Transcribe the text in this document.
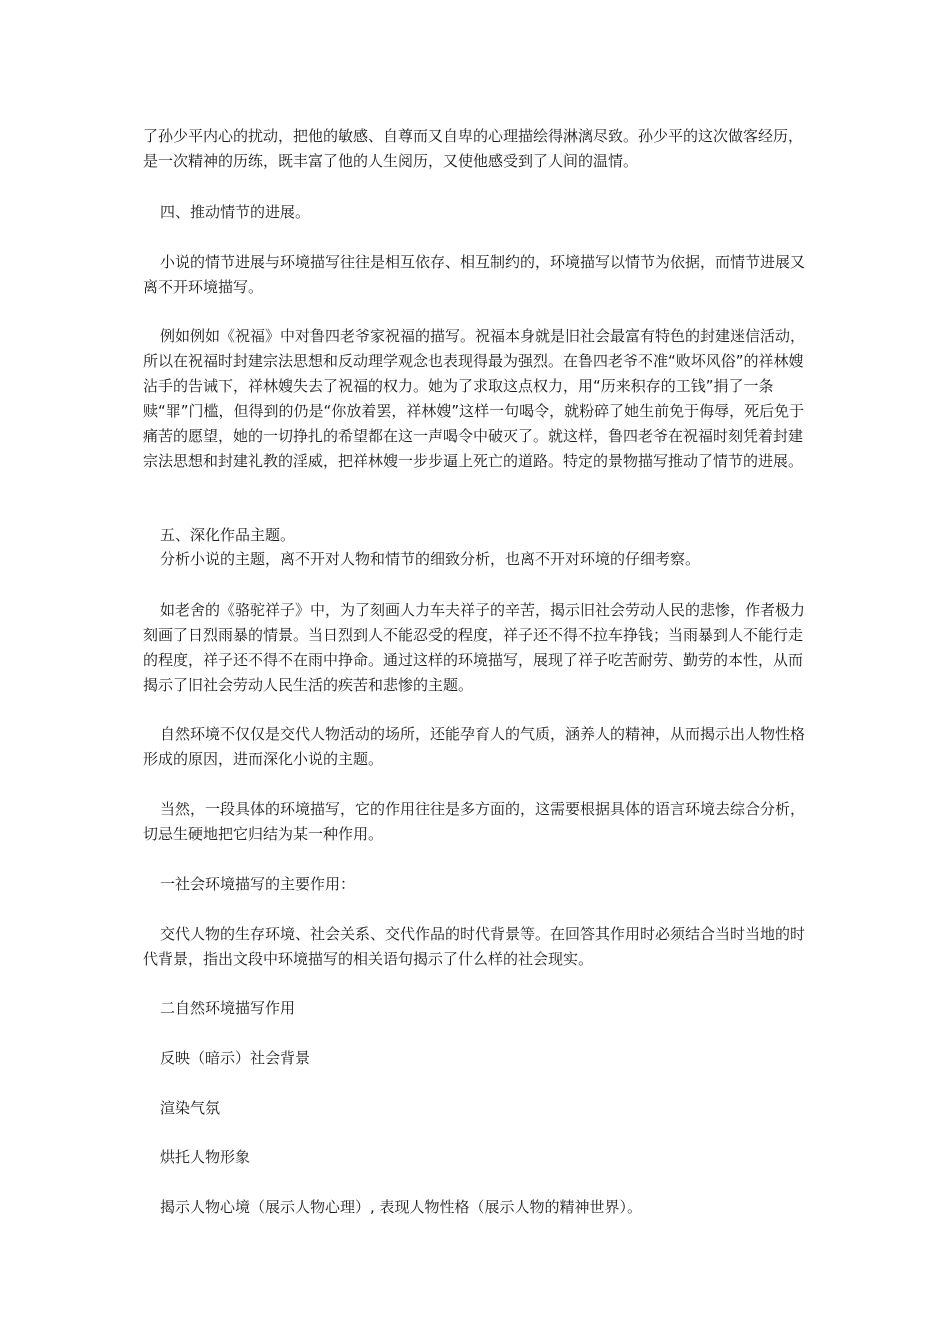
了孙少平内心的扰动，把他的敏感、自尊而又自卑的心理描绘得淋漓尽致。孙少平的这次做客经历，是一次精神的历练，既丰富了他的人生阅历，又使他感受到了人间的温情。

四、推动情节的进展。

小说的情节进展与环境描写往往是相互依存、相互制约的，环境描写以情节为依据，而情节进展又离不开环境描写。

例如例如《祝福》中对鲁四老爷家祝福的描写。祝福本身就是旧社会最富有特色的封建迷信活动，所以在祝福时封建宗法思想和反动理学观念也表现得最为强烈。在鲁四老爷不准“败坏风俗”的祥林嫂沾手的告诫下，祥林嫂失去了祝福的权力。她为了求取这点权力，用“历来积存的工钱”捐了一条赎“罪”门槛，但得到的仍是“你放着罢，祥林嫂”这样一句喝令，就粉碎了她生前免于侮辱，死后免于痛苦的愿望，她的一切挣扎的希望都在这一声喝令中破灭了。就这样，鲁四老爷在祝福时刻凭着封建宗法思想和封建礼教的淫威，把祥林嫂一步步逼上死亡的道路。特定的景物描写推动了情节的进展。

五、深化作品主题。

分析小说的主题，离不开对人物和情节的细致分析，也离不开对环境的仔细考察。

如老舍的《骆驼祥子》中，为了刻画人力车夫祥子的辛苦，揭示旧社会劳动人民的悲惨，作者极力刻画了日烈雨暴的情景。当日烈到人不能忍受的程度，祥子还不得不拉车挣钱；当雨暴到人不能行走的程度，祥子还不得不在雨中挣命。通过这样的环境描写，展现了祥子吃苦耐劳、勤劳的本性，从而揭示了旧社会劳动人民生活的疾苦和悲惨的主题。

自然环境不仅仅是交代人物活动的场所，还能孕育人的气质，涵养人的精神，从而揭示出人物性格形成的原因，进而深化小说的主题。

当然，一段具体的环境描写，它的作用往往是多方面的，这需要根据具体的语言环境去综合分析，切忌生硬地把它归结为某一种作用。

一社会环境描写的主要作用：

交代人物的生存环境、社会关系、交代作品的时代背景等。在回答其作用时必须结合当时当地的时代背景，指出文段中环境描写的相关语句揭示了什么样的社会现实。

二自然环境描写作用

反映（暗示）社会背景

渲染气氛

烘托人物形象

揭示人物心境（展示人物心理）, 表现人物性格（展示人物的精神世界）。
